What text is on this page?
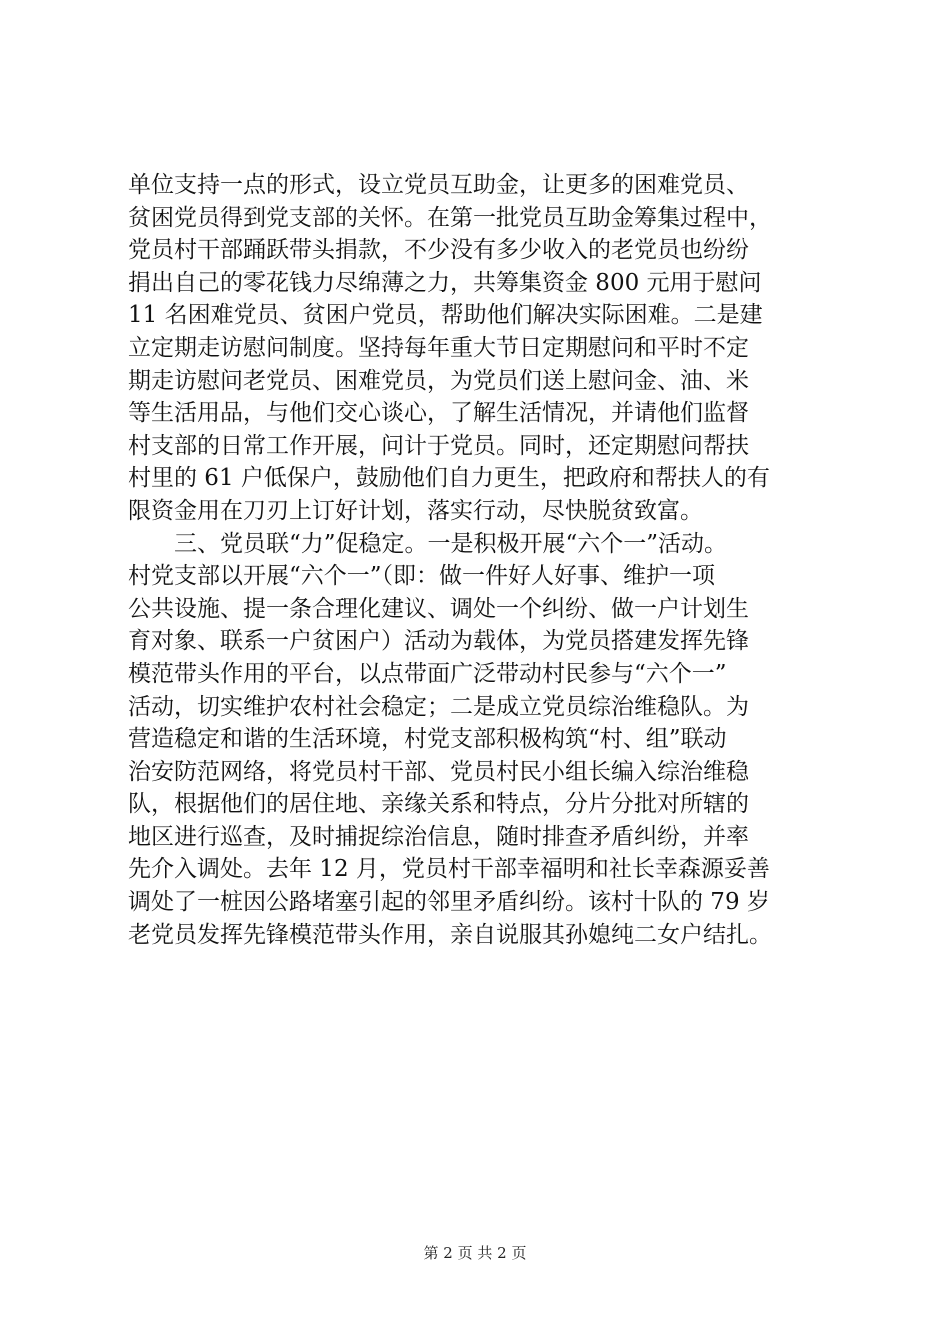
单位支持一点的形式，设立党员互助金，让更多的困难党员、
贫困党员得到党支部的关怀。在第一批党员互助金筹集过程中，
党员村干部踊跃带头捐款，不少没有多少收入的老党员也纷纷
捐出自己的零花钱力尽绵薄之力，共筹集资金 800 元用于慰问
11 名困难党员、贫困户党员，帮助他们解决实际困难。二是建
立定期走访慰问制度。坚持每年重大节日定期慰问和平时不定
期走访慰问老党员、困难党员，为党员们送上慰问金、油、米
等生活用品，与他们交心谈心，了解生活情况，并请他们监督
村支部的日常工作开展，问计于党员。同时，还定期慰问帮扶
村里的 61 户低保户，鼓励他们自力更生，把政府和帮扶人的有
限资金用在刀刃上订好计划，落实行动，尽快脱贫致富。
　　三、党员联“力”促稳定。一是积极开展“六个一”活动。
村党支部以开展“六个一”（即：做一件好人好事、维护一项
公共设施、提一条合理化建议、调处一个纠纷、做一户计划生
育对象、联系一户贫困户）活动为载体，为党员搭建发挥先锋
模范带头作用的平台，以点带面广泛带动村民参与“六个一”
活动，切实维护农村社会稳定；二是成立党员综治维稳队。为
营造稳定和谐的生活环境，村党支部积极构筑“村、组”联动
治安防范网络，将党员村干部、党员村民小组长编入综治维稳
队，根据他们的居住地、亲缘关系和特点，分片分批对所辖的
地区进行巡查，及时捕捉综治信息，随时排查矛盾纠纷，并率
先介入调处。去年 12 月，党员村干部幸福明和社长幸森源妥善
调处了一桩因公路堵塞引起的邻里矛盾纠纷。该村十队的 79 岁
老党员发挥先锋模范带头作用，亲自说服其孙媳纯二女户结扎。
第 2 页 共 2 页
